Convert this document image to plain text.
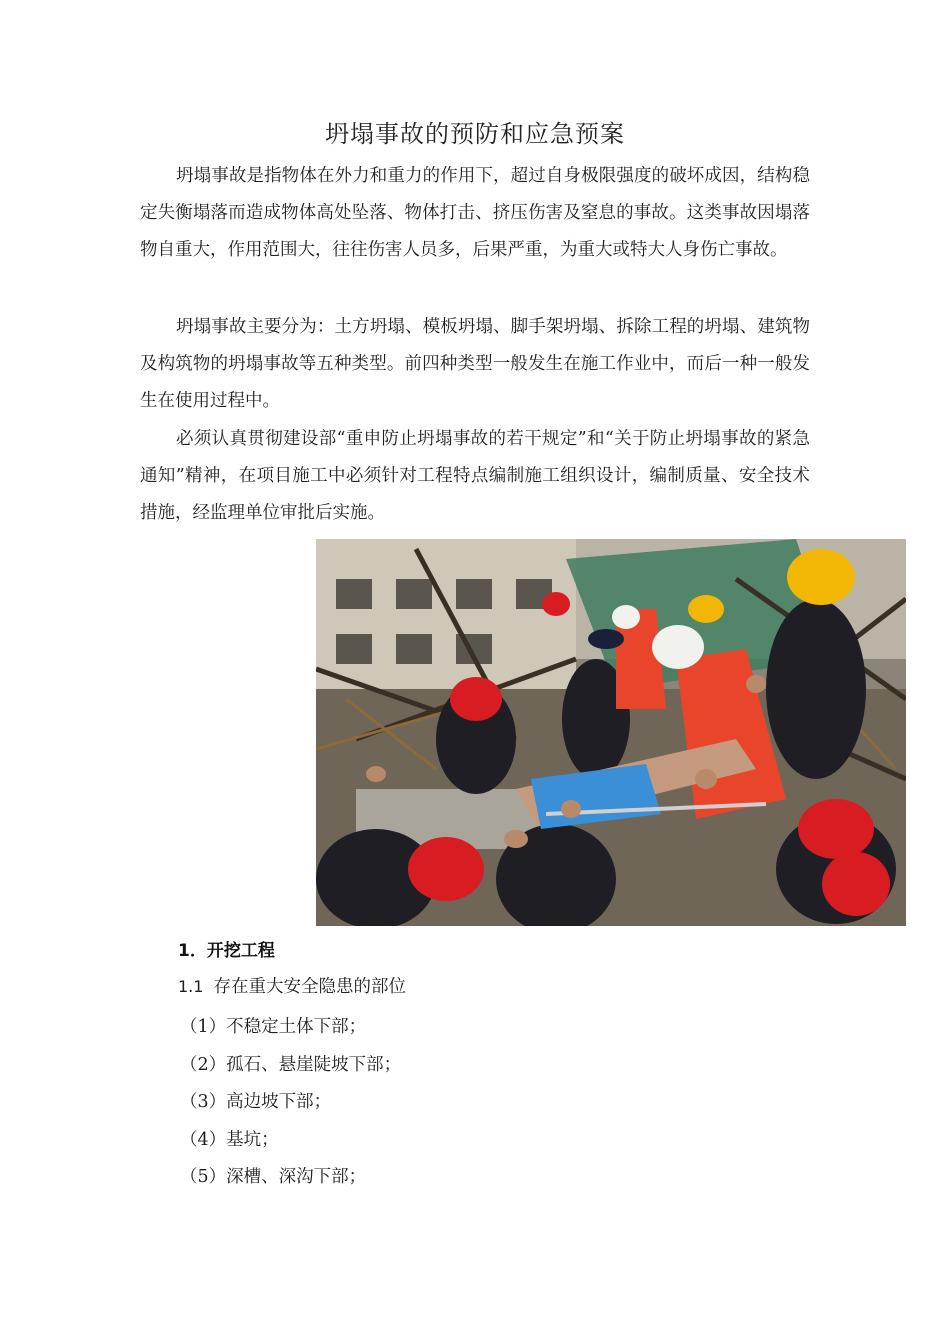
坍塌事故的预防和应急预案

坍塌事故是指物体在外力和重力的作用下，超过自身极限强度的破坏成因，结构稳定失衡塌落而造成物体高处坠落、物体打击、挤压伤害及窒息的事故。这类事故因塌落物自重大，作用范围大，往往伤害人员多，后果严重，为重大或特大人身伤亡事故。

坍塌事故主要分为：土方坍塌、模板坍塌、脚手架坍塌、拆除工程的坍塌、建筑物及构筑物的坍塌事故等五种类型。前四种类型一般发生在施工作业中，而后一种一般发生在使用过程中。

必须认真贯彻建设部“重申防止坍塌事故的若干规定”和“关于防止坍塌事故的紧急通知”精神，在项目施工中必须针对工程特点编制施工组织设计，编制质量、安全技术措施，经监理单位审批后实施。

1．开挖工程
1.1 存在重大安全隐患的部位
（1）不稳定土体下部；
（2）孤石、悬崖陡坡下部；
（3）高边坡下部；
（4）基坑；
（5）深槽、深沟下部；
